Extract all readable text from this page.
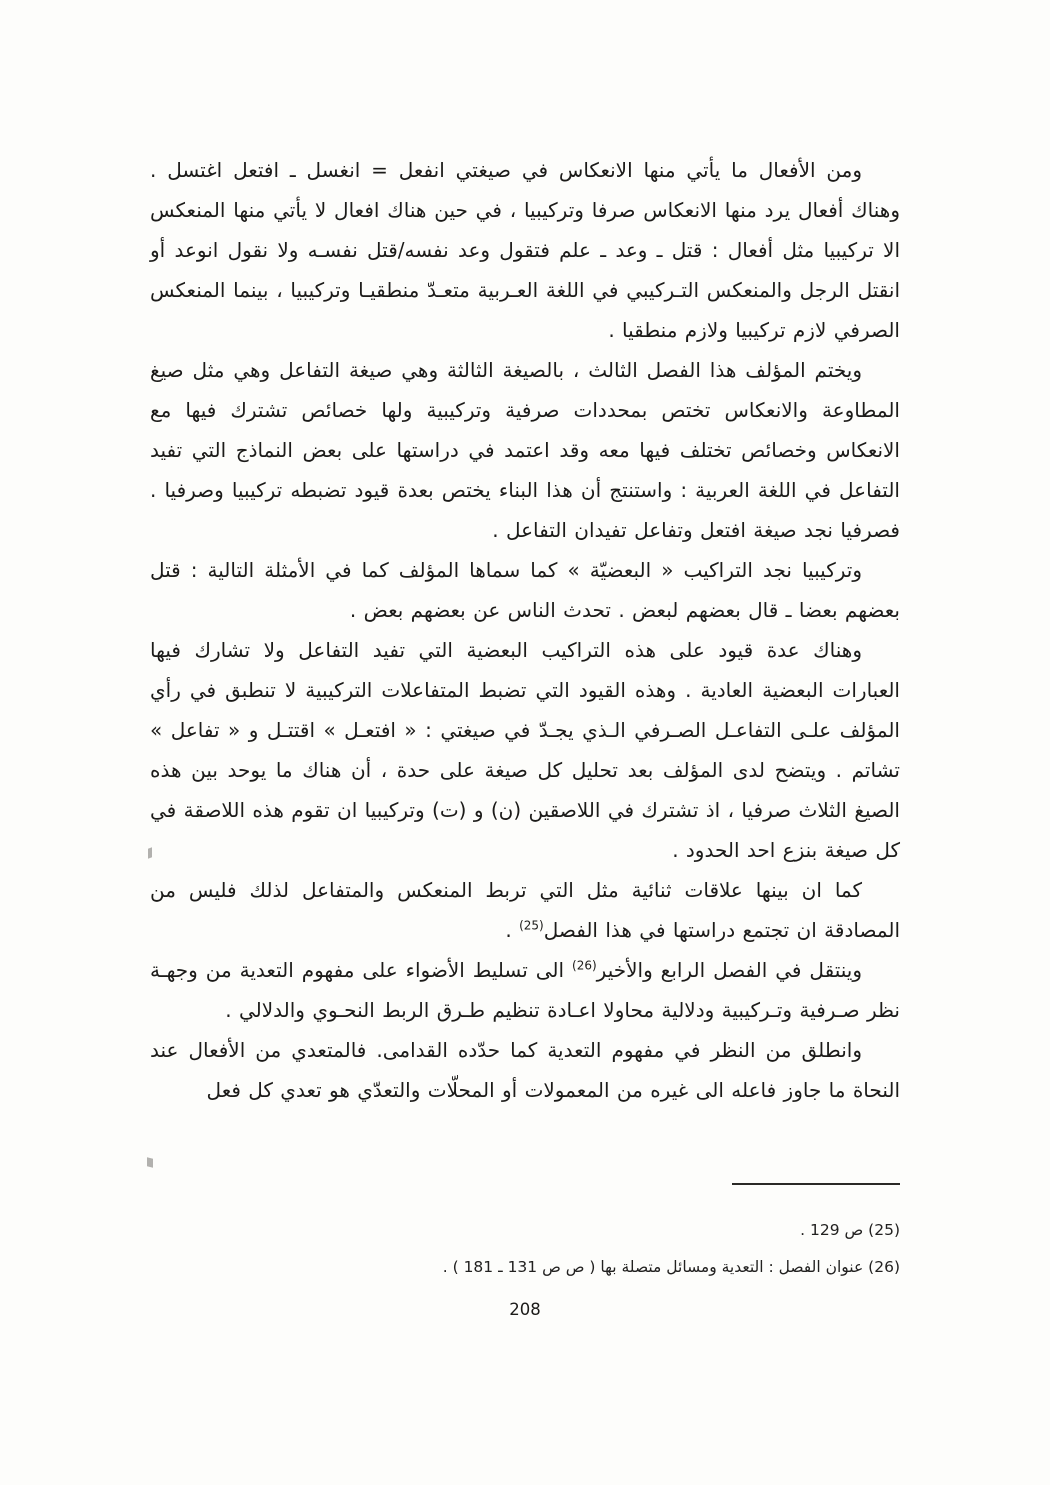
ومن الأفعال ما يأتي منها الانعكاس في صيغتي انفعل = انغسل ـ افتعل اغتسل . وهناك أفعال يرد منها الانعكاس صرفا وتركيبيا ، في حين هناك افعال لا يأتي منها المنعكس الا تركيبيا مثل أفعال : قتل ـ وعد ـ علم فتقول وعد نفسه/قتل نفسـه ولا نقول انوعد أو انقتل الرجل والمنعكس التـركيبي في اللغة العـربية متعـدّ منطقيـا وتركيبيا ، بينما المنعكس الصرفي لازم تركيبيا ولازم منطقيا .

ويختم المؤلف هذا الفصل الثالث ، بالصيغة الثالثة وهي صيغة التفاعل وهي مثل صيغ المطاوعة والانعكاس تختص بمحددات صرفية وتركيبية ولها خصائص تشترك فيها مع الانعكاس وخصائص تختلف فيها معه وقد اعتمد في دراستها على بعض النماذج التي تفيد التفاعل في اللغة العربية : واستنتج أن هذا البناء يختص بعدة قيود تضبطه تركيبيا وصرفيا . فصرفيا نجد صيغة افتعل وتفاعل تفيدان التفاعل .

وتركيبيا نجد التراكيب « البعضيّة » كما سماها المؤلف كما في الأمثلة التالية : قتل بعضهم بعضا ـ قال بعضهم لبعض . تحدث الناس عن بعضهم بعض .

وهناك عدة قيود على هذه التراكيب البعضية التي تفيد التفاعل ولا تشارك فيها العبارات البعضية العادية . وهذه القيود التي تضبط المتفاعلات التركيبية لا تنطبق في رأي المؤلف علـى التفاعـل الصـرفي الـذي يجـدّ في صيغتي : « افتعـل » اقتتـل و « تفاعل » تشاتم . ويتضح لدى المؤلف بعد تحليل كل صيغة على حدة ، أن هناك ما يوحد بين هذه الصيغ الثلاث صرفيا ، اذ تشترك في اللاصقين (ن) و (ت) وتركيبيا ان تقوم هذه اللاصقة في كل صيغة بنزع احد الحدود .

كما ان بينها علاقات ثنائية مثل التي تربط المنعكس والمتفاعل لذلك فليس من المصادقة ان تجتمع دراستها في هذا الفصل$^{(25)}$ .

وينتقل في الفصل الرابع والأخير$^{(26)}$ الى تسليط الأضواء على مفهوم التعدية من وجهـة نظر صـرفية وتـركيبية ودلالية محاولا اعـادة تنظيم طـرق الربط النحـوي والدلالي .

وانطلق من النظر في مفهوم التعدية كما حدّده القدامى. فالمتعدي من الأفعال عند النحاة ما جاوز فاعله الى غيره من المعمولات أو المحلّات والتعدّي هو تعدي كل فعل

(25) ص 129 .

(26) عنوان الفصل : التعدية ومسائل متصلة بها ( ص ص 131 ـ 181 ) .

208
